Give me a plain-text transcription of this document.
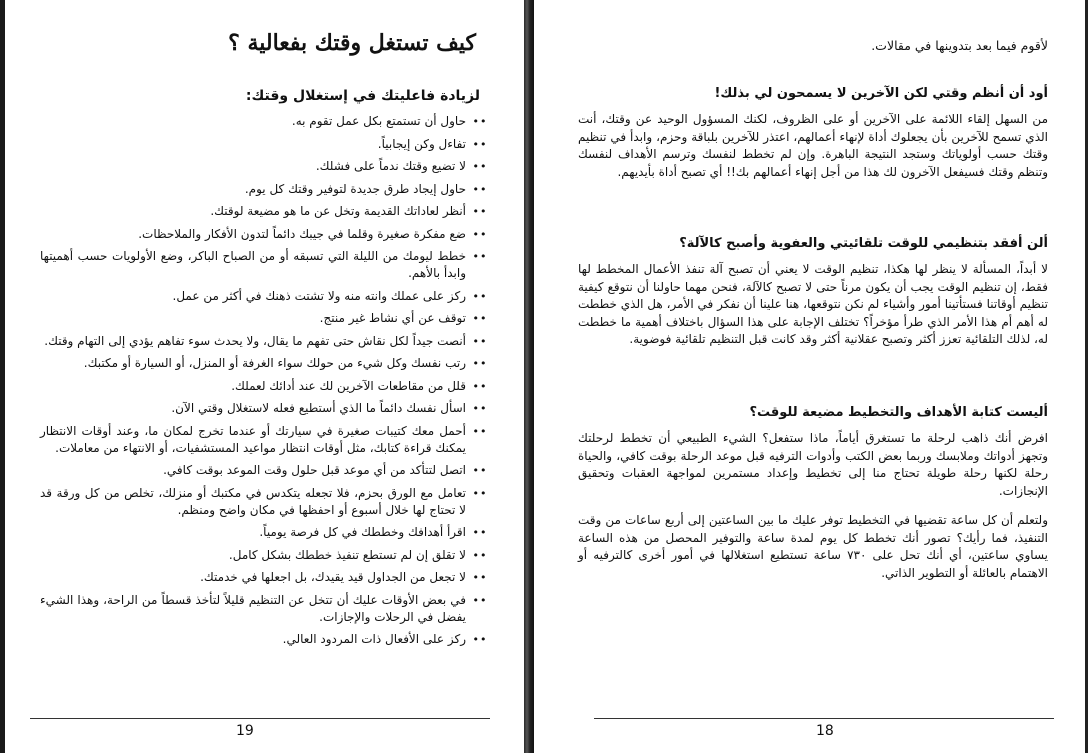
كيف تستغل وقتك بفعالية ؟
لزيادة فاعليتك في إستغلال وقتك:
••
حاول أن تستمتع بكل عمل تقوم به.
••
تفاءل وكن إيجابياً.
••
لا تضيع وقتك ندماً على فشلك.
••
حاول إيجاد طرق جديدة لتوفير وقتك كل يوم.
••
أنظر لعاداتك القديمة وتخل عن ما هو مضيعة لوقتك.
••
ضع مفكرة صغيرة وقلما في جيبك دائماً لتدون الأفكار والملاحظات.
••
خطط ليومك من الليلة التي تسبقه أو من الصباح الباكر، وضع الأولويات حسب أهميتها وابدأ بالأهم.
••
ركز على عملك وانته منه ولا تشتت ذهنك في أكثر من عمل.
••
توقف عن أي نشاط غير منتج.
••
أنصت جيداً لكل نقاش حتى تفهم ما يقال، ولا يحدث سوء تفاهم يؤدي إلى التهام وقتك.
••
رتب نفسك وكل شيء من حولك سواء الغرفة أو المنزل، أو السيارة أو مكتبك.
••
قلل من مقاطعات الآخرين لك عند أدائك لعملك.
••
اسأل نفسك دائماً ما الذي أستطيع فعله لاستغلال وقتي الآن.
••
أحمل معك كتيبات صغيرة في سيارتك أو عندما تخرج لمكان ما، وعند أوقات الانتظار يمكنك قراءة كتابك، مثل أوقات انتظار مواعيد المستشفيات، أو الانتهاء من معاملات.
••
اتصل لتتأكد من أي موعد قبل حلول وقت الموعد بوقت كافي.
••
تعامل مع الورق بحزم، فلا تجعله يتكدس في مكتبك أو منزلك، تخلص من كل ورقة قد لا تحتاج لها خلال أسبوع أو احفظها في مكان واضح ومنظم.
••
اقرأ أهدافك وخططك في كل فرصة يومياً.
••
لا تقلق إن لم تستطع تنفيذ خططك بشكل كامل.
••
لا تجعل من الجداول قيد يقيدك، بل اجعلها في خدمتك.
••
في بعض الأوقات عليك أن تتخل عن التنظيم قليلاً لتأخذ قسطاً من الراحة، وهذا الشيء يفضل في الرحلات والإجازات.
••
ركز على الأفعال ذات المردود العالي.
19

لأقوم فيما بعد بتدوينها في مقالات.

أود أن أنظم وقتي لكن الآخرين لا يسمحون لي بذلك!

من السهل إلقاء اللائمة على الآخرين أو على الظروف، لكنك المسؤول الوحيد عن وقتك، أنت الذي تسمح للآخرين بأن يجعلوك أداة لإنهاء أعمالهم، اعتذر للآخرين بلباقة وحزم، وابدأ في تنظيم وقتك حسب أولوياتك وستجد النتيجة الباهرة. وإن لم تخطط لنفسك وترسم الأهداف لنفسك وتنظم وقتك فسيفعل الآخرون لك هذا من أجل إنهاء أعمالهم بك!! أي تصبح أداة بأيديهم.

ألن أفقد بتنظيمي للوقت تلقائيتي والعفوية وأصبح كالآلة؟

لا أبداً، المسألة لا ينظر لها هكذا، تنظيم الوقت لا يعني أن تصبح آلة تنفذ الأعمال المخطط لها فقط، إن تنظيم الوقت يجب أن يكون مرناً حتى لا تصبح كالآلة، فنحن مهما حاولنا أن نتوقع كيفية تنظيم أوقاتنا فستأتينا أمور وأشياء لم نكن نتوقعها، هنا علينا أن نفكر في الأمر، هل الذي خططت له أهم أم هذا الأمر الذي طرأ مؤخراً؟ تختلف الإجابة على هذا السؤال باختلاف أهمية ما خططت له، لذلك التلقائية تعزز أكثر وتصبح عقلانية أكثر وقد كانت قبل التنظيم تلقائية فوضوية.

أليست كتابة الأهداف والتخطيط مضيعة للوقت؟

افرض أنك ذاهب لرحلة ما تستغرق أياماً، ماذا ستفعل؟ الشيء الطبيعي أن تخطط لرحلتك وتجهز أدواتك وملابسك وربما بعض الكتب وأدوات الترفيه قبل موعد الرحلة بوقت كافي، والحياة رحلة لكنها رحلة طويلة تحتاج منا إلى تخطيط وإعداد مستمرين لمواجهة العقبات وتحقيق الإنجازات.

ولتعلم أن كل ساعة تقضيها في التخطيط توفر عليك ما بين الساعتين إلى أربع ساعات من وقت التنفيذ، فما رأيك؟ تصور أنك تخطط كل يوم لمدة ساعة والتوفير المحصل من هذه الساعة يساوي ساعتين، أي أنك تحل على ٧٣٠ ساعة تستطيع استغلالها في أمور أخرى كالترفيه أو الاهتمام بالعائلة أو التطوير الذاتي.

18
